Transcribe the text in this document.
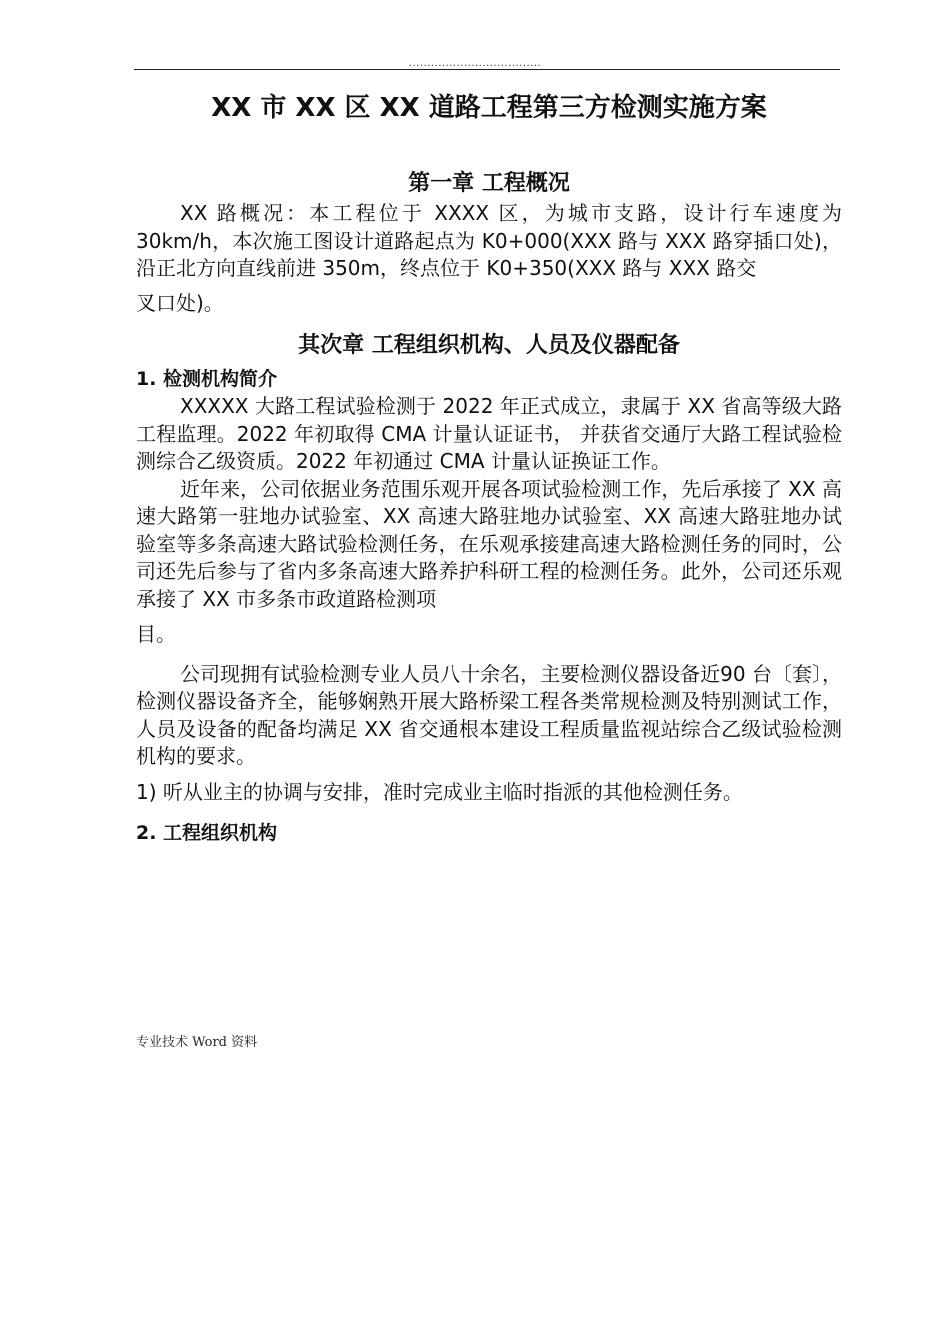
....................................
XX 市 XX 区 XX 道路工程第三方检测实施方案
第一章 工程概况

XX 路概况：本工程位于 XXXX 区，为城市支路，设计行车速度为 30km/h，本次施工图设计道路起点为 K0+000(XXX 路与 XXX 路穿插口处)，沿正北方向直线前进 350m，终点位于 K0+350(XXX 路与 XXX 路交

叉口处)。

其次章 工程组织机构、人员及仪器配备
1. 检测机构简介

XXXXX 大路工程试验检测于 2022 年正式成立，隶属于 XX 省高等级大路工程监理。2022 年初取得 CMA 计量认证证书， 并获省交通厅大路工程试验检测综合乙级资质。2022 年初通过 CMA 计量认证换证工作。

近年来，公司依据业务范围乐观开展各项试验检测工作，先后承接了 XX 高速大路第一驻地办试验室、XX 高速大路驻地办试验室、XX 高速大路驻地办试验室等多条高速大路试验检测任务，在乐观承接建高速大路检测任务的同时，公司还先后参与了省内多条高速大路养护科研工程的检测任务。此外，公司还乐观承接了 XX 市多条市政道路检测项

目。

公司现拥有试验检测专业人员八十余名，主要检测仪器设备近90 台〔套〕，检测仪器设备齐全，能够娴熟开展大路桥梁工程各类常规检测及特别测试工作，人员及设备的配备均满足 XX 省交通根本建设工程质量监视站综合乙级试验检测机构的要求。

1) 听从业主的协调与安排，准时完成业主临时指派的其他检测任务。

2. 工程组织机构
专业技术 Word 资料
